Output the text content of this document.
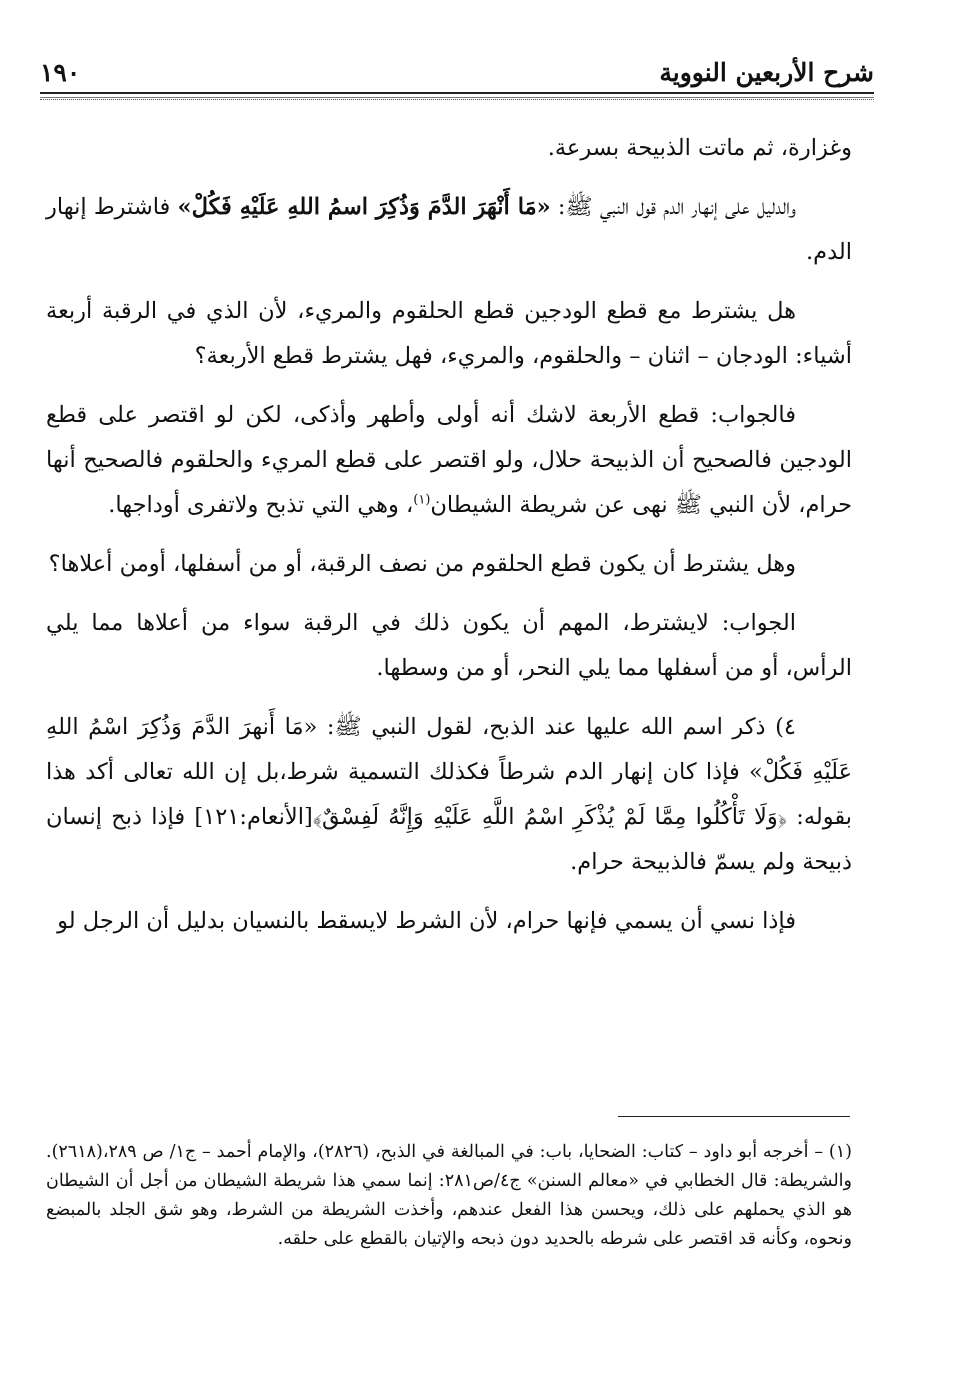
شرح الأربعين النووية
١٩٠

وغزارة، ثم ماتت الذبيحة بسرعة.

والدليل على إنهار الدم قول النبي ﷺ: «مَا أَنْهَرَ الدَّمَ وَذُكِرَ اسمُ اللهِ عَلَيْهِ فَكُلْ» فاشترط إنهار الدم.

هل يشترط مع قطع الودجين قطع الحلقوم والمريء، لأن الذي في الرقبة أربعة أشياء: الودجان – اثنان – والحلقوم، والمريء، فهل يشترط قطع الأربعة؟

فالجواب: قطع الأربعة لاشك أنه أولى وأطهر وأذكى، لكن لو اقتصر على قطع الودجين فالصحيح أن الذبيحة حلال، ولو اقتصر على قطع المريء والحلقوم فالصحيح أنها حرام، لأن النبي ﷺ نهى عن شريطة الشيطان$^{(١)}$، وهي التي تذبح ولاتفرى أوداجها.

وهل يشترط أن يكون قطع الحلقوم من نصف الرقبة، أو من أسفلها، أومن أعلاها؟

الجواب: لايشترط، المهم أن يكون ذلك في الرقبة سواء من أعلاها مما يلي الرأس، أو من أسفلها مما يلي النحر، أو من وسطها.

٤) ذكر اسم الله عليها عند الذبح، لقول النبي ﷺ: «مَا أَنهرَ الدَّمَ وَذُكِرَ اسْمُ اللهِ عَلَيْهِ فَكُلْ» فإذا كان إنهار الدم شرطاً فكذلك التسمية شرط،بل إن الله تعالى أكد هذا بقوله: ﴿وَلَا تَأْكُلُوا مِمَّا لَمْ يُذْكَرِ اسْمُ اللَّهِ عَلَيْهِ وَإِنَّهُ لَفِسْقٌ﴾[الأنعام:١٢١] فإذا ذبح إنسان ذبيحة ولم يسمّ فالذبيحة حرام.

فإذا نسي أن يسمي فإنها حرام، لأن الشرط لايسقط بالنسيان بدليل أن الرجل لو

(١) – أخرجه أبو داود – كتاب: الضحايا، باب: في المبالغة في الذبح، (٢٨٢٦)، والإمام أحمد – ج١/ ص ٢٨٩،(٢٦١٨). والشريطة: قال الخطابي في «معالم السنن» ج٤/ص٢٨١: إنما سمي هذا شريطة الشيطان من أجل أن الشيطان هو الذي يحملهم على ذلك، ويحسن هذا الفعل عندهم، وأخذت الشريطة من الشرط، وهو شق الجلد بالمبضع ونحوه، وكأنه قد اقتصر على شرطه بالحديد دون ذبحه والإتيان بالقطع على حلقه.
